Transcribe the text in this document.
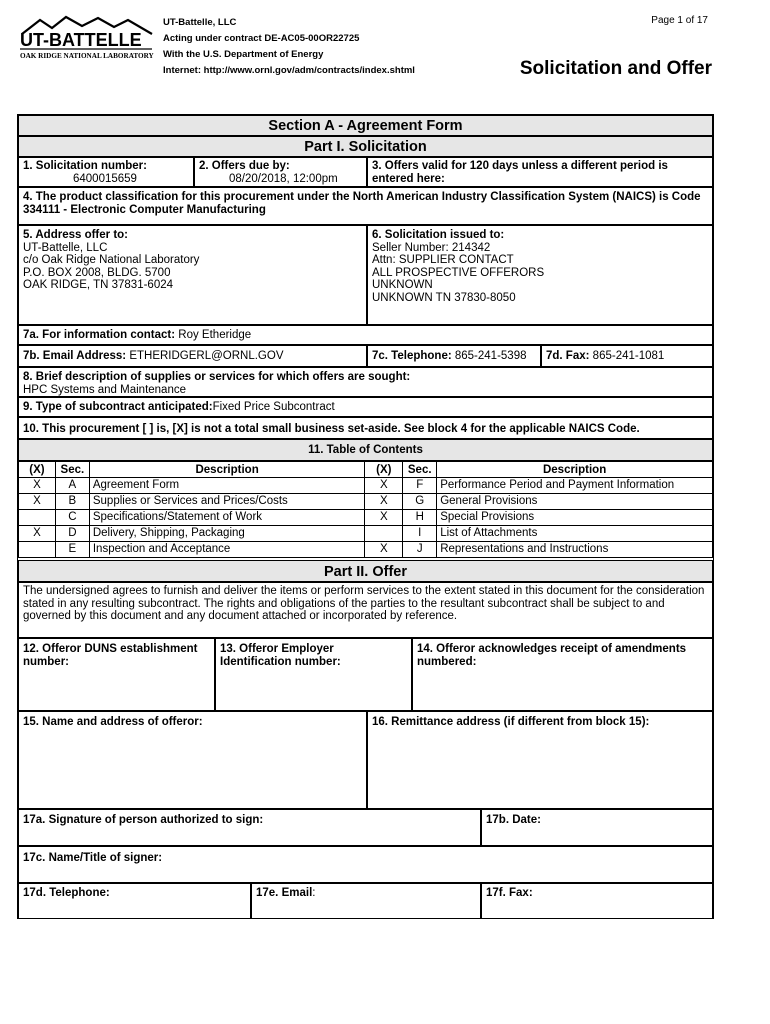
UT-BATTELLE
OAK RIDGE NATIONAL LABORATORY
UT-Battelle, LLC
Acting under contract DE-AC05-00OR22725
With the U.S. Department of Energy
Internet: http://www.ornl.gov/adm/contracts/index.shtml
Page 1 of 17
Solicitation and Offer
Section A - Agreement Form
Part I. Solicitation
1. Solicitation number:
6400015659
2. Offers due by:
08/20/2018, 12:00pm
3. Offers valid for 120 days unless a different period is entered here:
4. The product classification for this procurement under the North American Industry Classification System (NAICS) is Code 334111 - Electronic Computer Manufacturing
5. Address offer to:
UT-Battelle, LLC
c/o Oak Ridge National Laboratory
P.O. BOX 2008, BLDG. 5700
OAK RIDGE, TN 37831-6024
6. Solicitation issued to:
Seller Number: 214342
Attn: SUPPLIER CONTACT
ALL PROSPECTIVE OFFERORS
UNKNOWN
UNKNOWN TN 37830-8050
7a. For information contact: Roy Etheridge
7b. Email Address: ETHERIDGERL@ORNL.GOV	7c. Telephone: 865-241-5398	7d. Fax: 865-241-1081
8. Brief description of supplies or services for which offers are sought:
HPC Systems and Maintenance
9. Type of subcontract anticipated:Fixed Price Subcontract
10. This procurement [ ] is, [X] is not a total small business set-aside. See block 4 for the applicable NAICS Code.
11. Table of Contents
(X)	Sec.	Description	(X)	Sec.	Description
X	A	Agreement Form	X	F	Performance Period and Payment Information
X	B	Supplies or Services and Prices/Costs	X	G	General Provisions
	C	Specifications/Statement of Work	X	H	Special Provisions
X	D	Delivery, Shipping, Packaging		I	List of Attachments
	E	Inspection and Acceptance	X	J	Representations and Instructions
Part II. Offer
The undersigned agrees to furnish and deliver the items or perform services to the extent stated in this document for the consideration stated in any resulting subcontract. The rights and obligations of the parties to the resultant subcontract shall be subject to and governed by this document and any document attached or incorporated by reference.
12. Offeror DUNS establishment number:
13. Offeror Employer Identification number:
14. Offeror acknowledges receipt of amendments numbered:
15. Name and address of offeror:	16. Remittance address (if different from block 15):
17a. Signature of person authorized to sign:	17b. Date:
17c. Name/Title of signer:
17d. Telephone:	17e. Email:	17f. Fax:
